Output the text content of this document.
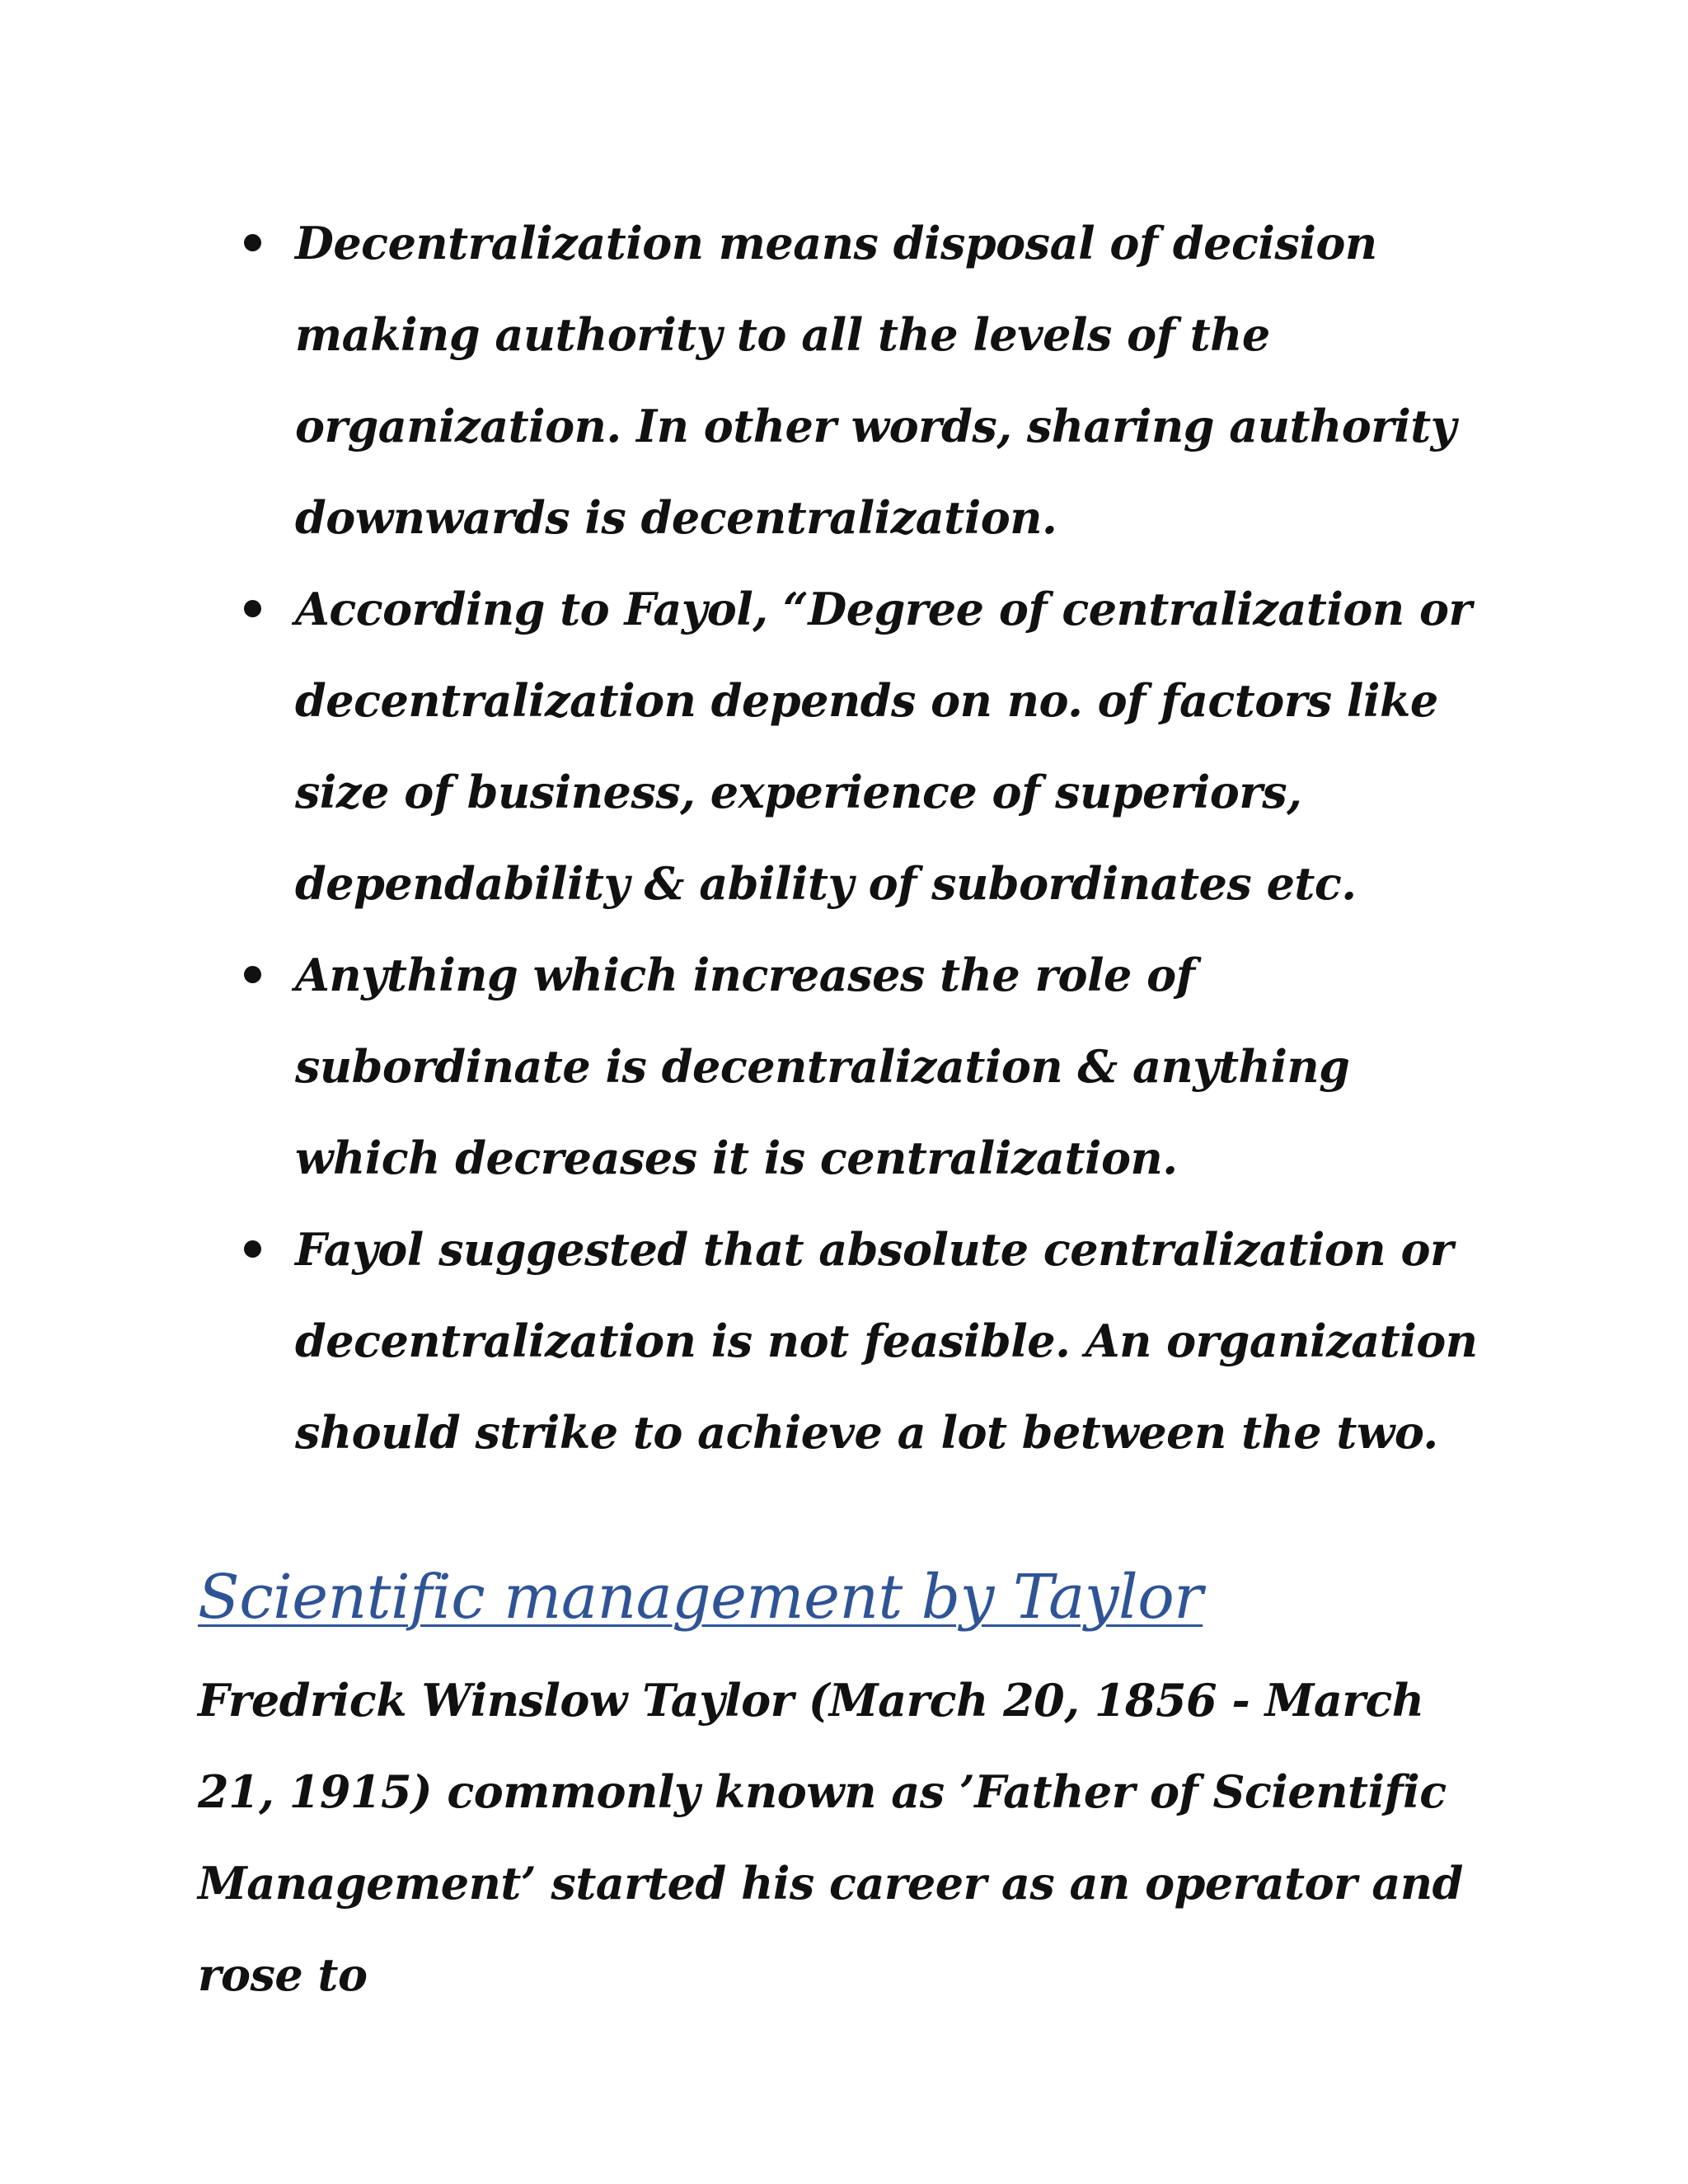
Decentralization means disposal of decision making authority to all the levels of the organization. In other words, sharing authority downwards is decentralization.
According to Fayol, “Degree of centralization or decentralization depends on no. of factors like size of business, experience of superiors, dependability & ability of subordinates etc.
Anything which increases the role of subordinate is decentralization & anything which decreases it is centralization.
Fayol suggested that absolute centralization or decentralization is not feasible. An organization should strike to achieve a lot between the two.
Scientific management by Taylor

Fredrick Winslow Taylor (March 20, 1856 - March 21, 1915) commonly known as ’Father of Scientific Management’ started his career as an operator and rose to
